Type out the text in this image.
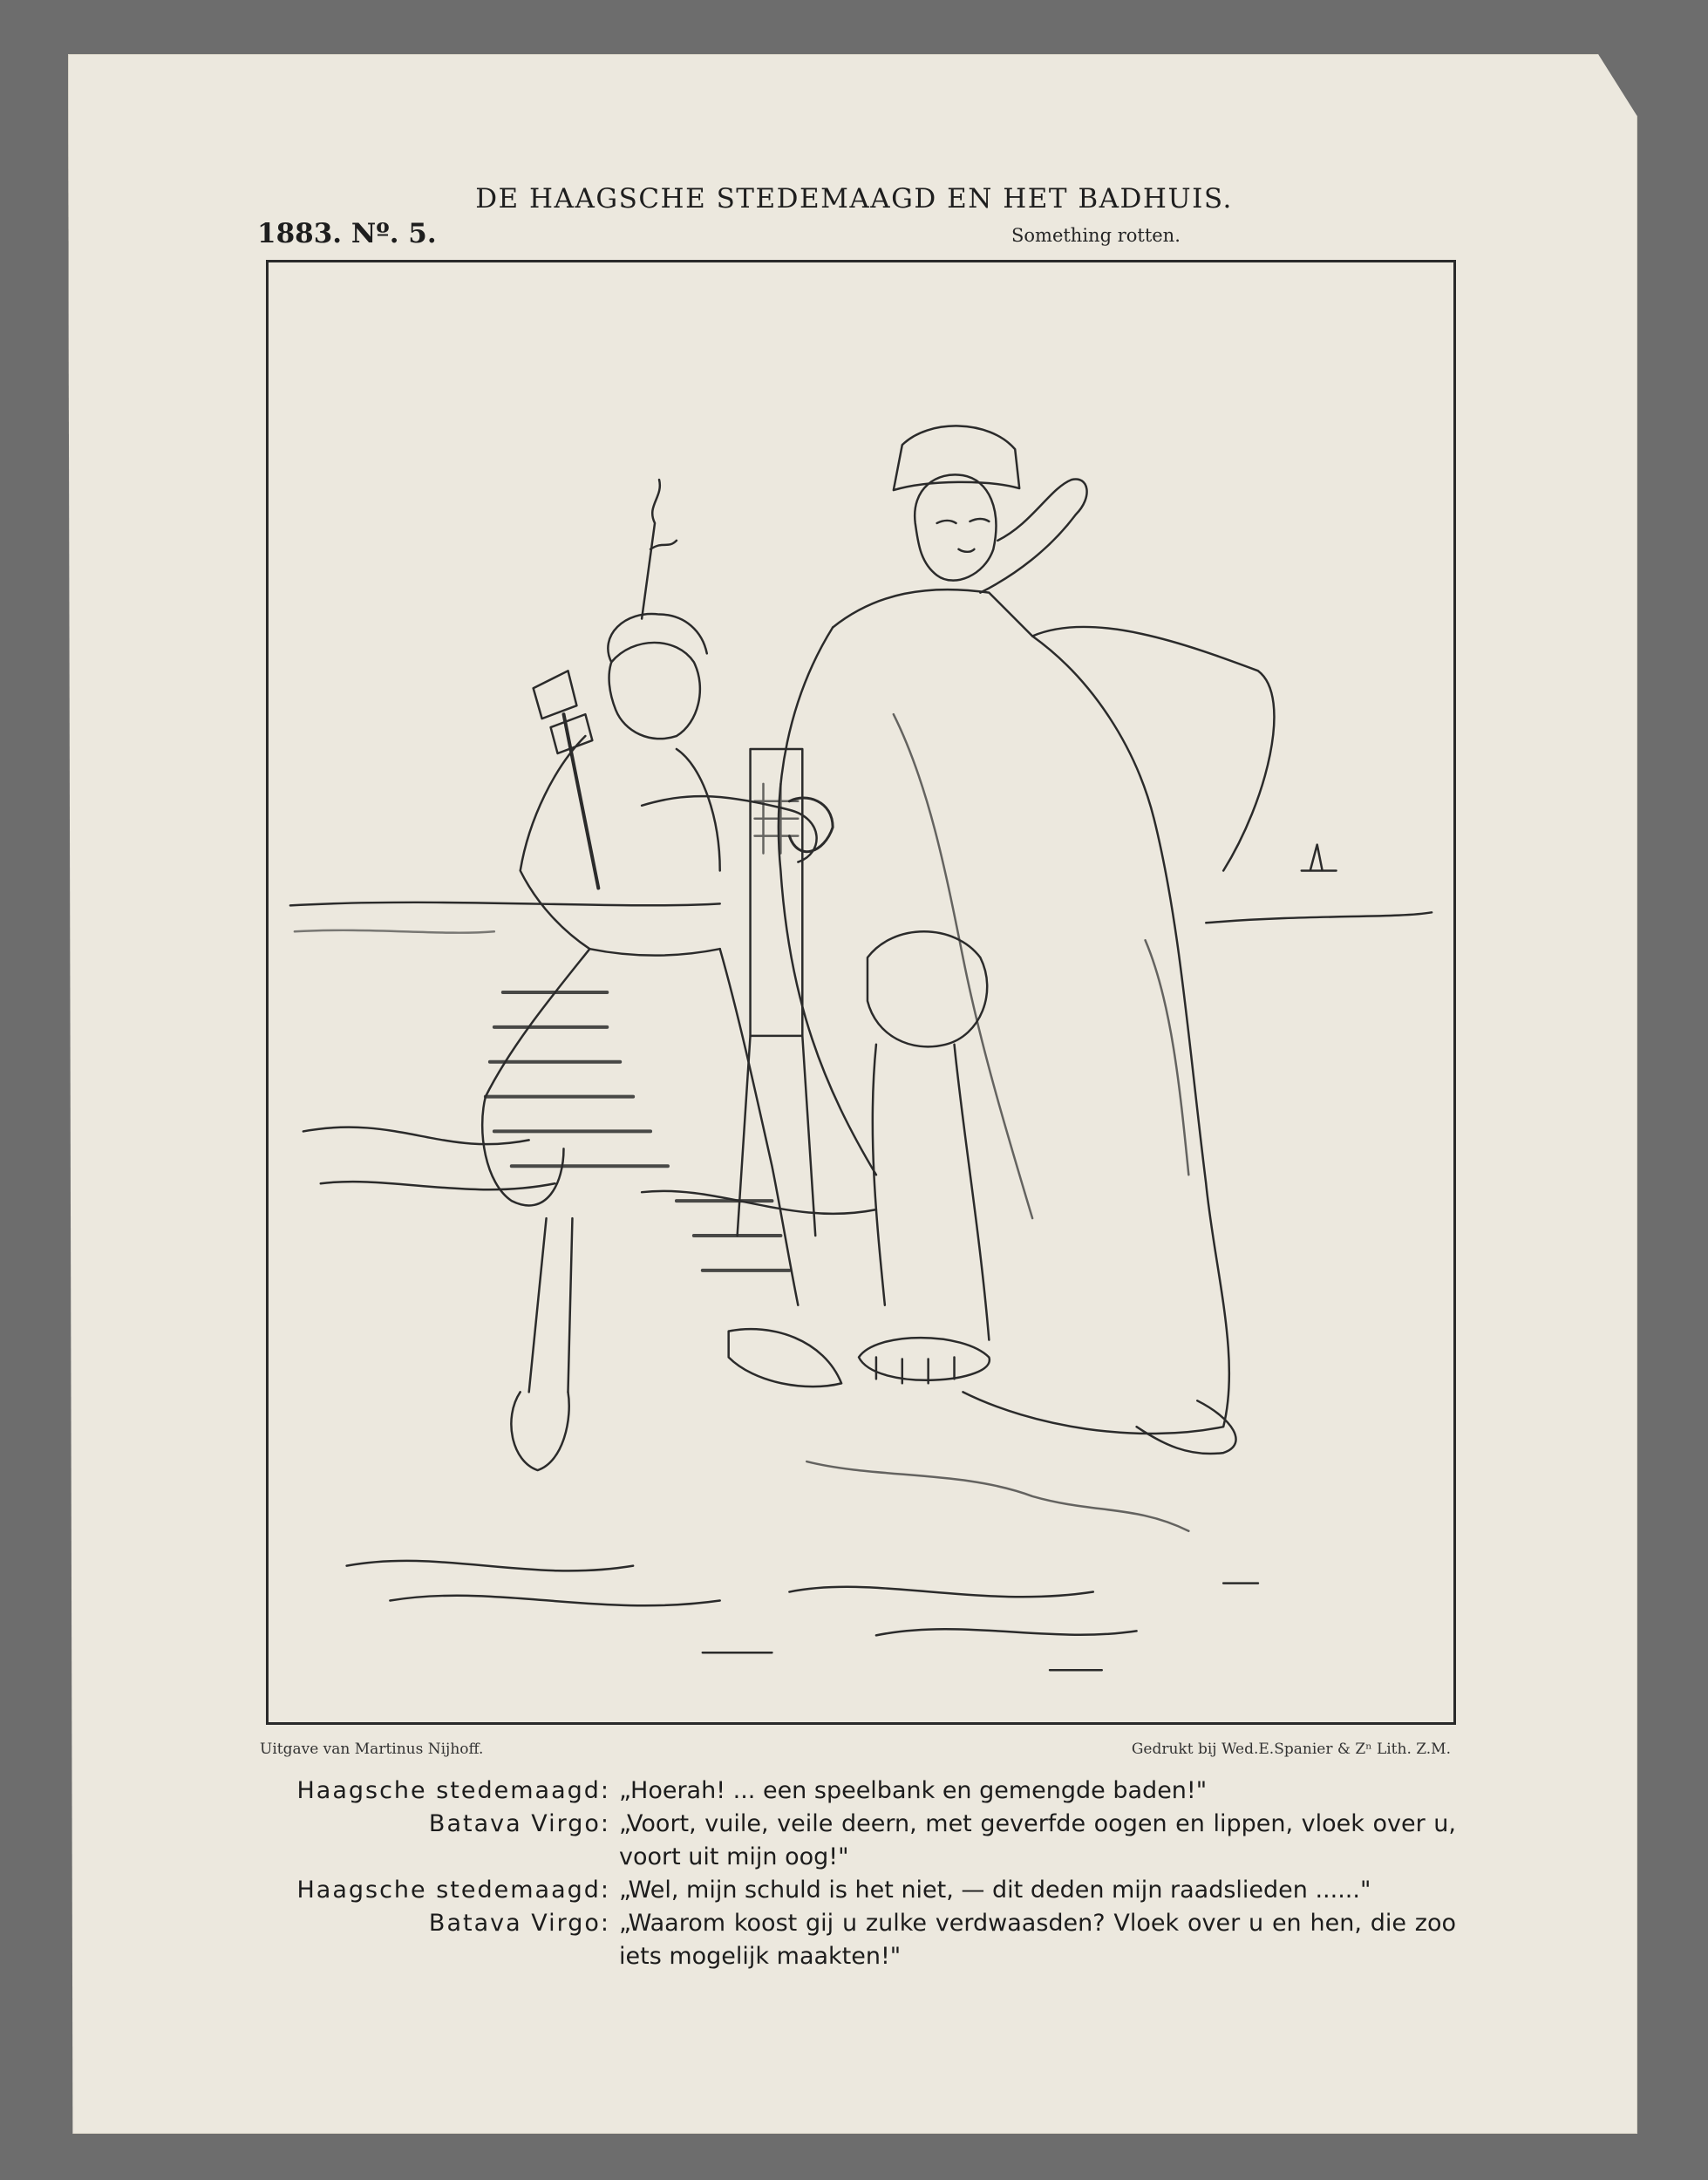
DE HAAGSCHE STEDEMAAGD EN HET BADHUIS.
1883. Nº. 5.	Something rotten.
Uitgave van Martinus Nijhoff.	Gedrukt bij Wed.E.Spanier & Zⁿ Lith. Z.M.
Haagsche stedemaagd: „Hoerah! ... een speelbank en gemengde baden!"
Batava Virgo: „Voort, vuile, veile deern, met geverfde oogen en lippen, vloek over u, voort uit mijn oog!"
Haagsche stedemaagd: „Wel, mijn schuld is het niet, — dit deden mijn raadslieden ......"
Batava Virgo: „Waarom koost gij u zulke verdwaasden? Vloek over u en hen, die zoo iets mogelijk maakten!"
